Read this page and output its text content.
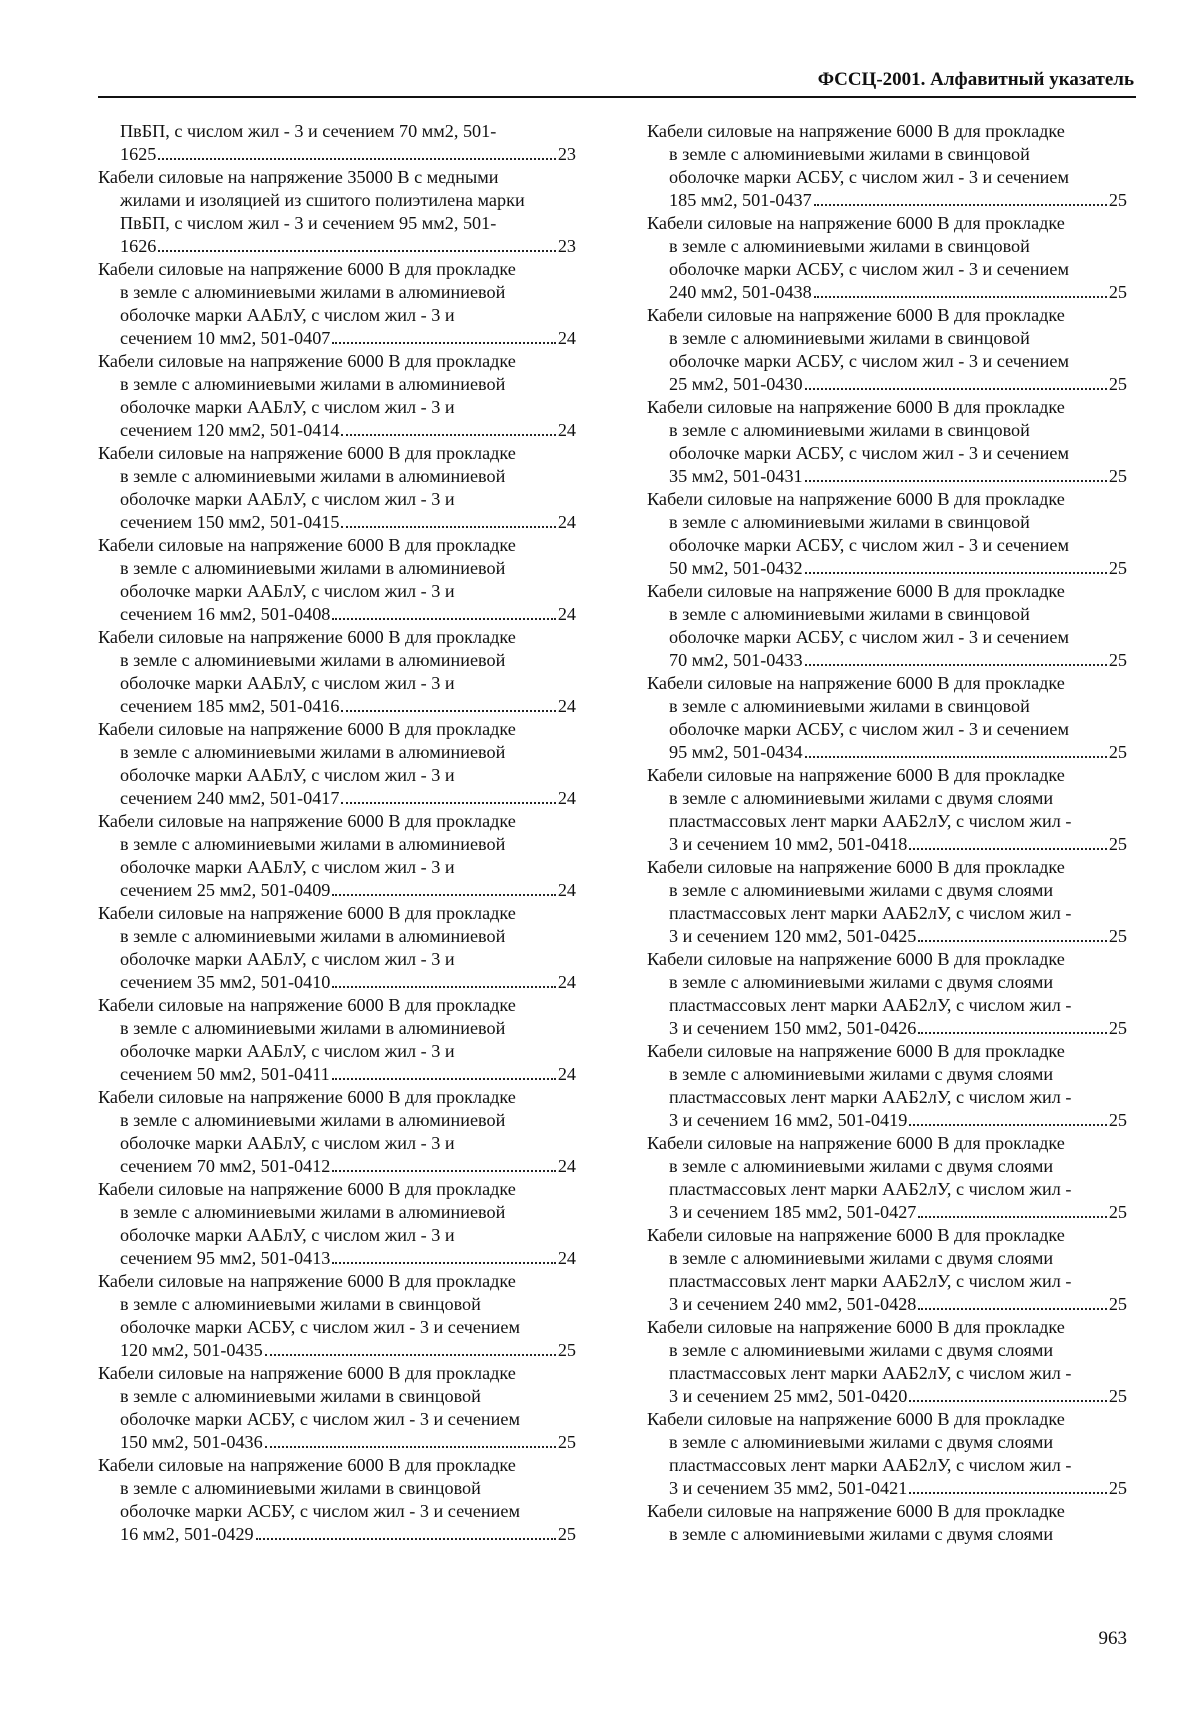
ФССЦ-2001. Алфавитный указатель
ПвБП, с числом жил - 3 и сечением 70 мм2, 501-
1625	23
Кабели силовые на напряжение 35000 В с медными
жилами и изоляцией из сшитого полиэтилена марки
ПвБП, с числом жил - 3 и сечением 95 мм2, 501-
1626	23
Кабели силовые на напряжение 6000 В для прокладке
в земле с алюминиевыми жилами в алюминиевой
оболочке марки ААБлУ, с числом жил - 3 и
сечением 10 мм2, 501-0407	24
Кабели силовые на напряжение 6000 В для прокладке
в земле с алюминиевыми жилами в алюминиевой
оболочке марки ААБлУ, с числом жил - 3 и
сечением 120 мм2, 501-0414	24
Кабели силовые на напряжение 6000 В для прокладке
в земле с алюминиевыми жилами в алюминиевой
оболочке марки ААБлУ, с числом жил - 3 и
сечением 150 мм2, 501-0415	24
Кабели силовые на напряжение 6000 В для прокладке
в земле с алюминиевыми жилами в алюминиевой
оболочке марки ААБлУ, с числом жил - 3 и
сечением 16 мм2, 501-0408	24
Кабели силовые на напряжение 6000 В для прокладке
в земле с алюминиевыми жилами в алюминиевой
оболочке марки ААБлУ, с числом жил - 3 и
сечением 185 мм2, 501-0416	24
Кабели силовые на напряжение 6000 В для прокладке
в земле с алюминиевыми жилами в алюминиевой
оболочке марки ААБлУ, с числом жил - 3 и
сечением 240 мм2, 501-0417	24
Кабели силовые на напряжение 6000 В для прокладке
в земле с алюминиевыми жилами в алюминиевой
оболочке марки ААБлУ, с числом жил - 3 и
сечением 25 мм2, 501-0409	24
Кабели силовые на напряжение 6000 В для прокладке
в земле с алюминиевыми жилами в алюминиевой
оболочке марки ААБлУ, с числом жил - 3 и
сечением 35 мм2, 501-0410	24
Кабели силовые на напряжение 6000 В для прокладке
в земле с алюминиевыми жилами в алюминиевой
оболочке марки ААБлУ, с числом жил - 3 и
сечением 50 мм2, 501-0411	24
Кабели силовые на напряжение 6000 В для прокладке
в земле с алюминиевыми жилами в алюминиевой
оболочке марки ААБлУ, с числом жил - 3 и
сечением 70 мм2, 501-0412	24
Кабели силовые на напряжение 6000 В для прокладке
в земле с алюминиевыми жилами в алюминиевой
оболочке марки ААБлУ, с числом жил - 3 и
сечением 95 мм2, 501-0413	24
Кабели силовые на напряжение 6000 В для прокладке
в земле с алюминиевыми жилами в свинцовой
оболочке марки АСБУ, с числом жил - 3 и сечением
120 мм2, 501-0435	25
Кабели силовые на напряжение 6000 В для прокладке
в земле с алюминиевыми жилами в свинцовой
оболочке марки АСБУ, с числом жил - 3 и сечением
150 мм2, 501-0436	25
Кабели силовые на напряжение 6000 В для прокладке
в земле с алюминиевыми жилами в свинцовой
оболочке марки АСБУ, с числом жил - 3 и сечением
16 мм2, 501-0429	25
Кабели силовые на напряжение 6000 В для прокладке
в земле с алюминиевыми жилами в свинцовой
оболочке марки АСБУ, с числом жил - 3 и сечением
185 мм2, 501-0437	25
Кабели силовые на напряжение 6000 В для прокладке
в земле с алюминиевыми жилами в свинцовой
оболочке марки АСБУ, с числом жил - 3 и сечением
240 мм2, 501-0438	25
Кабели силовые на напряжение 6000 В для прокладке
в земле с алюминиевыми жилами в свинцовой
оболочке марки АСБУ, с числом жил - 3 и сечением
25 мм2, 501-0430	25
Кабели силовые на напряжение 6000 В для прокладке
в земле с алюминиевыми жилами в свинцовой
оболочке марки АСБУ, с числом жил - 3 и сечением
35 мм2, 501-0431	25
Кабели силовые на напряжение 6000 В для прокладке
в земле с алюминиевыми жилами в свинцовой
оболочке марки АСБУ, с числом жил - 3 и сечением
50 мм2, 501-0432	25
Кабели силовые на напряжение 6000 В для прокладке
в земле с алюминиевыми жилами в свинцовой
оболочке марки АСБУ, с числом жил - 3 и сечением
70 мм2, 501-0433	25
Кабели силовые на напряжение 6000 В для прокладке
в земле с алюминиевыми жилами в свинцовой
оболочке марки АСБУ, с числом жил - 3 и сечением
95 мм2, 501-0434	25
Кабели силовые на напряжение 6000 В для прокладке
в земле с алюминиевыми жилами с двумя слоями
пластмассовых лент марки ААБ2лУ, с числом жил -
3 и сечением 10 мм2, 501-0418	25
Кабели силовые на напряжение 6000 В для прокладке
в земле с алюминиевыми жилами с двумя слоями
пластмассовых лент марки ААБ2лУ, с числом жил -
3 и сечением 120 мм2, 501-0425	25
Кабели силовые на напряжение 6000 В для прокладке
в земле с алюминиевыми жилами с двумя слоями
пластмассовых лент марки ААБ2лУ, с числом жил -
3 и сечением 150 мм2, 501-0426	25
Кабели силовые на напряжение 6000 В для прокладке
в земле с алюминиевыми жилами с двумя слоями
пластмассовых лент марки ААБ2лУ, с числом жил -
3 и сечением 16 мм2, 501-0419	25
Кабели силовые на напряжение 6000 В для прокладке
в земле с алюминиевыми жилами с двумя слоями
пластмассовых лент марки ААБ2лУ, с числом жил -
3 и сечением 185 мм2, 501-0427	25
Кабели силовые на напряжение 6000 В для прокладке
в земле с алюминиевыми жилами с двумя слоями
пластмассовых лент марки ААБ2лУ, с числом жил -
3 и сечением 240 мм2, 501-0428	25
Кабели силовые на напряжение 6000 В для прокладке
в земле с алюминиевыми жилами с двумя слоями
пластмассовых лент марки ААБ2лУ, с числом жил -
3 и сечением 25 мм2, 501-0420	25
Кабели силовые на напряжение 6000 В для прокладке
в земле с алюминиевыми жилами с двумя слоями
пластмассовых лент марки ААБ2лУ, с числом жил -
3 и сечением 35 мм2, 501-0421	25
Кабели силовые на напряжение 6000 В для прокладке
в земле с алюминиевыми жилами с двумя слоями
963
